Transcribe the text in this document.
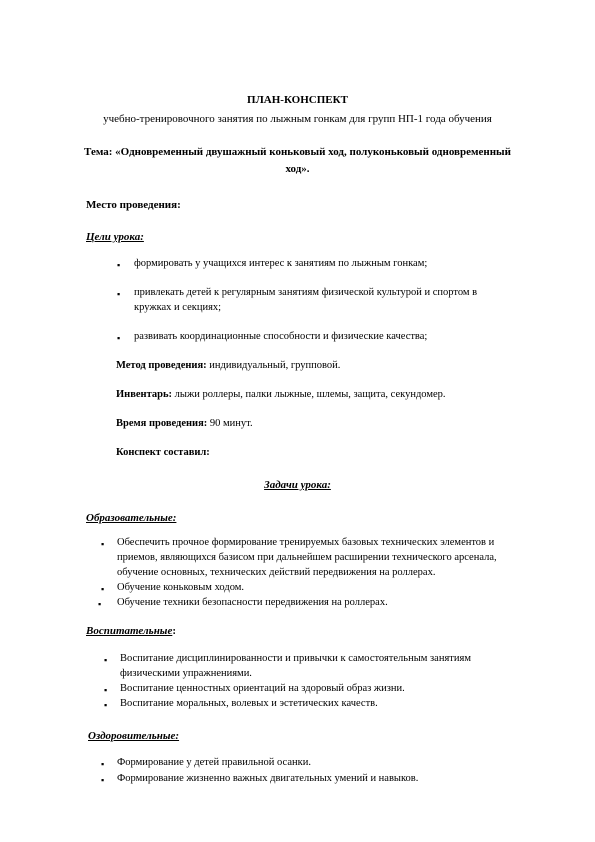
ПЛАН-КОНСПЕКТ
учебно-тренировочного занятия по лыжным гонкам для групп НП-1 года обучения
Тема: «Одновременный двушажный коньковый ход, полуконьковый одновременный
ход».
Место проведения:
Цели урока:
▪ формировать у учащихся интерес к занятиям по лыжным гонкам;
▪ привлекать детей к регулярным занятиям физической культурой и спортом в
кружках и секциях;
▪ развивать координационные способности и физические качества;
Метод проведения: индивидуальный, групповой.
Инвентарь: лыжи роллеры, палки лыжные, шлемы, защита, секундомер.
Время проведения: 90 минут.
Конспект составил:
Задачи урока:
Образовательные:
▪ Обеспечить прочное формирование тренируемых базовых технических элементов и
приемов, являющихся базисом при дальнейшем расширении технического арсенала,
обучение основных, технических действий передвижения на роллерах.
▪ Обучение коньковым ходом.
▪ Обучение техники безопасности передвижения на роллерах.
Воспитательные:
▪ Воспитание дисциплинированности и привычки к самостоятельным занятиям
физическими упражнениями.
▪ Воспитание ценностных ориентаций на здоровый образ жизни.
▪ Воспитание моральных, волевых и эстетических качеств.
Оздоровительные:
▪ Формирование у детей правильной осанки.
▪ Формирование жизненно важных двигательных умений и навыков.
